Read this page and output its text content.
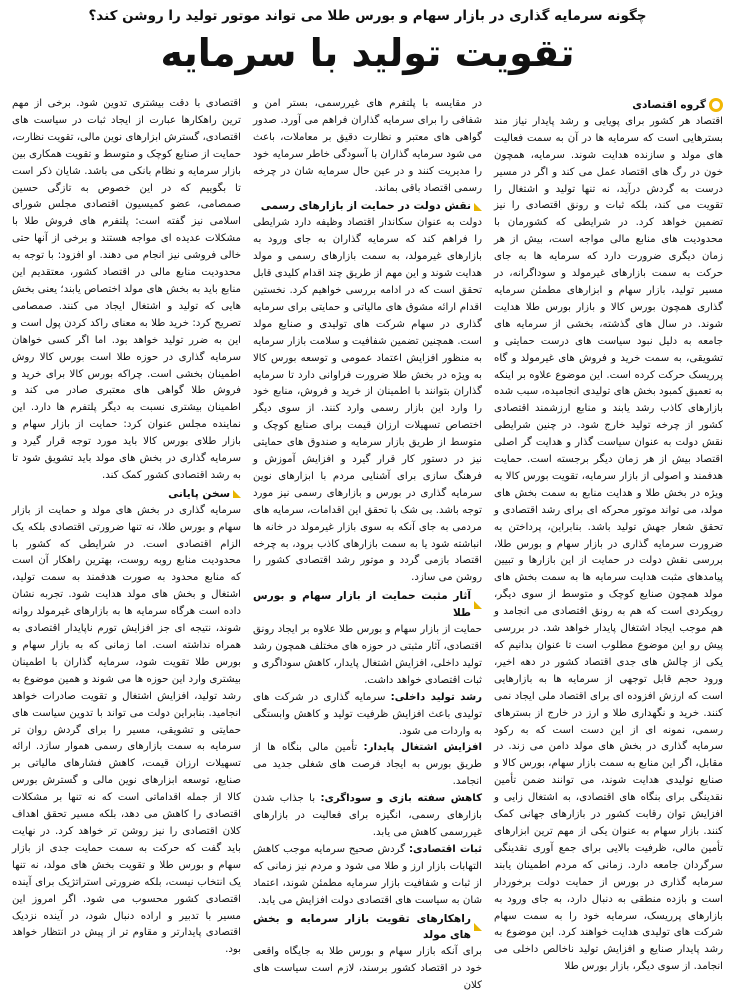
چگونه سرمایه گذاری در بازار سهام و بورس طلا می تواند موتور تولید را روشن کند؟
تقویت تولید با سرمایه
گروه اقتصادی

اقتصاد هر کشور برای پویایی و رشد پایدار نیاز مند بسترهایی است که سرمایه ها در آن به سمت فعالیت های مولد و سازنده هدایت شوند. سرمایه، همچون خون در رگ های اقتصاد عمل می کند و اگر در مسیر درست به گردش درآید، نه تنها تولید و اشتغال را تقویت می کند، بلکه ثبات و رونق اقتصادی را نیز تضمین خواهد کرد. در شرایطی که کشورمان با محدودیت های منابع مالی مواجه است، بیش از هر زمان دیگری ضرورت دارد که سرمایه ها به جای حرکت به سمت بازارهای غیرمولد و سوداگرانه، در مسیر تولید، بازار سهام و ابزارهای مطمئن سرمایه گذاری همچون بورس کالا و بازار بورس طلا هدایت شوند. در سال های گذشته، بخشی از سرمایه های جامعه به دلیل نبود سیاست های درست حمایتی و تشویقی، به سمت خرید و فروش های غیرمولد و گاه پرریسک حرکت کرده است. این موضوع علاوه بر اینکه به تعمیق کمبود بخش های تولیدی انجامیده، سبب شده بازارهای کاذب رشد یابند و منابع ارزشمند اقتصادی کشور از چرخه تولید خارج شود. در چنین شرایطی نقش دولت به عنوان سیاست گذار و هدایت گر اصلی اقتصاد بیش از هر زمان دیگر برجسته است. حمایت هدفمند و اصولی از بازار سرمایه، تقویت بورس کالا به ویژه در بخش طلا و هدایت منابع به سمت بخش های مولد، می تواند موتور محرکه ای برای رشد اقتصادی و تحقق شعار جهش تولید باشد. بنابراین، پرداختن به ضرورت سرمایه گذاری در بازار سهام و بورس طلا، بررسی نقش دولت در حمایت از این بازارها و تبیین پیامدهای مثبت هدایت سرمایه ها به سمت بخش های مولد همچون صنایع کوچک و متوسط از سوی دیگر، رویکردی است که هم به رونق اقتصادی می انجامد و هم موجب ایجاد اشتغال پایدار خواهد شد. در بررسی پیش رو این موضوع مطلوب است تا عنوان بدانیم که یکی از چالش های جدی اقتصاد کشور در دهه اخیر، ورود حجم قابل توجهی از سرمایه ها به بازارهایی است که ارزش افزوده ای برای اقتصاد ملی ایجاد نمی کنند. خرید و نگهداری طلا و ارز در خارج از بسترهای رسمی، نمونه ای از این دست است که به رکود سرمایه گذاری در بخش های مولد دامن می زند. در مقابل، اگر این منابع به سمت بازار سهام، بورس کالا و صنایع تولیدی هدایت شوند، می توانند ضمن تأمین نقدینگی برای بنگاه های اقتصادی، به اشتغال زایی و افزایش توان رقابت کشور در بازارهای جهانی کمک کنند. بازار سهام به عنوان یکی از مهم ترین ابزارهای تأمین مالی، ظرفیت بالایی برای جمع آوری نقدینگی سرگردان جامعه دارد. زمانی که مردم اطمینان یابند سرمایه گذاری در بورس از حمایت دولت برخوردار است و بازده منطقی به دنبال دارد، به جای ورود به بازارهای پرریسک، سرمایه خود را به سمت سهام شرکت های تولیدی هدایت خواهند کرد. این موضوع به رشد پایدار صنایع و افزایش تولید ناخالص داخلی می انجامد. از سوی دیگر، بازار بورس طلا

در مقایسه با پلتفرم های غیررسمی، بستر امن و شفافی را برای سرمایه گذاران فراهم می آورد. صدور گواهی های معتبر و نظارت دقیق بر معاملات، باعث می شود سرمایه گذاران با آسودگی خاطر سرمایه خود را مدیریت کنند و در عین حال سرمایه شان در چرخه رسمی اقتصاد باقی بماند.

نقش دولت در حمایت از بازارهای رسمی

دولت به عنوان سکاندار اقتصاد وظیفه دارد شرایطی را فراهم کند که سرمایه گذاران به جای ورود به بازارهای غیرمولد، به سمت بازارهای رسمی و مولد هدایت شوند و این مهم از طریق چند اقدام کلیدی قابل تحقق است که در ادامه بررسی خواهیم کرد. نخستین اقدام ارائه مشوق های مالیاتی و حمایتی برای سرمایه گذاری در سهام شرکت های تولیدی و صنایع مولد است. همچنین تضمین شفافیت و سلامت بازار سرمایه به منظور افزایش اعتماد عمومی و توسعه بورس کالا به ویژه در بخش طلا ضرورت فراوانی دارد تا سرمایه گذاران بتوانند با اطمینان از خرید و فروش، منابع خود را وارد این بازار رسمی وارد کنند. از سوی دیگر اختصاص تسهیلات ارزان قیمت برای صنایع کوچک و متوسط از طریق بازار سرمایه و صندوق های حمایتی نیز در دستور کار قرار گیرد و افزایش آموزش و فرهنگ سازی برای آشنایی مردم با ابزارهای نوین سرمایه گذاری در بورس و بازارهای رسمی نیز مورد توجه باشد. بی شک با تحقق این اقدامات، سرمایه های مردمی به جای آنکه به سوی بازار غیرمولد در خانه ها انباشته شود یا به سمت بازارهای کاذب برود، به چرخه اقتصاد بازمی گردد و موتور رشد اقتصادی کشور را روشن می سازد.

آثار مثبت حمایت از بازار سهام و بورس طلا

حمایت از بازار سهام و بورس طلا علاوه بر ایجاد رونق اقتصادی، آثار مثبتی در حوزه های مختلف همچون رشد تولید داخلی، افزایش اشتغال پایدار، کاهش سوداگری و ثبات اقتصادی خواهد داشت.

رشد تولید داخلی: سرمایه گذاری در شرکت های تولیدی باعث افزایش ظرفیت تولید و کاهش وابستگی به واردات می شود.

افزایش اشتغال پایدار: تأمین مالی بنگاه ها از طریق بورس به ایجاد فرصت های شغلی جدید می انجامد.

کاهش سفته بازی و سوداگری: با جذاب شدن بازارهای رسمی، انگیزه برای فعالیت در بازارهای غیررسمی کاهش می یابد.

ثبات اقتصادی: گردش صحیح سرمایه موجب کاهش التهابات بازار ارز و طلا می شود و مردم نیز زمانی که از ثبات و شفافیت بازار سرمایه مطمئن شوند، اعتماد شان به سیاست های اقتصادی دولت افزایش می یابد.

راهکارهای تقویت بازار سرمایه و بخش های مولد

برای آنکه بازار سهام و بورس طلا به جایگاه واقعی خود در اقتصاد کشور برسند، لازم است سیاست های کلان

اقتصادی با دقت بیشتری تدوین شود. برخی از مهم ترین راهکارها عبارت از ایجاد ثبات در سیاست های اقتصادی، گسترش ابزارهای نوین مالی، تقویت نظارت، حمایت از صنایع کوچک و متوسط و تقویت همکاری بین بازار سرمایه و نظام بانکی می باشد. شایان ذکر است تا بگوییم که در این خصوص به تازگی حسین صمصامی، عضو کمیسیون اقتصادی مجلس شورای اسلامی نیز گفته است: پلتفرم های فروش طلا با مشکلات عدیده ای مواجه هستند و برخی از آنها حتی خالی فروشی نیز انجام می دهند. او افزود: با توجه به محدودیت منابع مالی در اقتصاد کشور، معتقدیم این منابع باید به بخش های مولد اختصاص یابند؛ یعنی بخش هایی که تولید و اشتغال ایجاد می کنند. صمصامی تصریح کرد: خرید طلا به معنای راکد کردن پول است و این به ضرر تولید خواهد بود. اما اگر کسی خواهان سرمایه گذاری در حوزه طلا است بورس کالا روش اطمینان بخشی است. چراکه بورس کالا برای خرید و فروش طلا گواهی های معتبری صادر می کند و اطمینان بیشتری نسبت به دیگر پلتفرم ها دارد. این نماینده مجلس عنوان کرد: حمایت از بازار سهام و بازار طلای بورس کالا باید مورد توجه قرار گیرد و سرمایه گذاری در بخش های مولد باید تشویق شود تا به رشد اقتصادی کشور کمک کند.

سخن پایانی

سرمایه گذاری در بخش های مولد و حمایت از بازار سهام و بورس طلا، نه تنها ضرورتی اقتصادی بلکه یک الزام اقتصادی است. در شرایطی که کشور با محدودیت منابع روبه روست، بهترین راهکار آن است که منابع محدود به صورت هدفمند به سمت تولید، اشتغال و بخش های مولد هدایت شود. تجربه نشان داده است هرگاه سرمایه ها به بازارهای غیرمولد روانه شوند، نتیجه ای جز افزایش تورم ناپایدار اقتصادی به همراه نداشته است. اما زمانی که به بازار سهام و بورس طلا تقویت شود، سرمایه گذاران با اطمینان بیشتری وارد این حوزه ها می شوند و همین موضوع به رشد تولید، افزایش اشتغال و تقویت صادرات خواهد انجامید. بنابراین دولت می تواند با تدوین سیاست های حمایتی و تشویقی، مسیر را برای گردش روان تر سرمایه به سمت بازارهای رسمی هموار سازد. ارائه تسهیلات ارزان قیمت، کاهش فشارهای مالیاتی بر صنایع، توسعه ابزارهای نوین مالی و گسترش بورس کالا از جمله اقداماتی است که نه تنها بر مشکلات اقتصادی را کاهش می دهد، بلکه مسیر تحقق اهداف کلان اقتصادی را نیز روشن تر خواهد کرد. در نهایت باید گفت که حرکت به سمت حمایت جدی از بازار سهام و بورس طلا و تقویت بخش های مولد، نه تنها یک انتخاب نیست، بلکه ضرورتی استراتژیک برای آینده اقتصادی کشور محسوب می شود. اگر امروز این مسیر با تدبیر و اراده دنبال شود، در آینده نزدیک اقتصادی پایدارتر و مقاوم تر از پیش در انتظار خواهد بود.
